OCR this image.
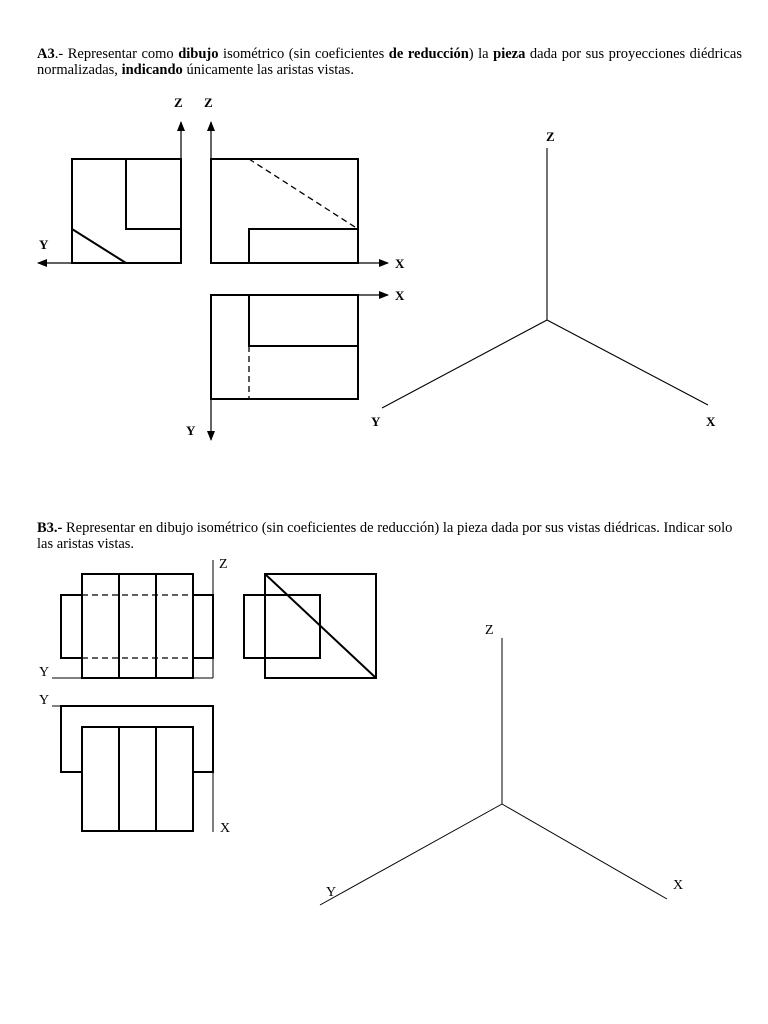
A3.- Representar como dibujo isométrico (sin coeficientes de reducción) la pieza dada por sus proyecciones diédricas normalizadas, indicando únicamente las aristas vistas.

B3.- Representar en dibujo isométrico (sin coeficientes de reducción) la pieza dada por sus vistas diédricas. Indicar solo las aristas vistas.

Z Z
Y
X
X
Y
Z
Y	X
Z
Y
Y
X
Z
Y	X
